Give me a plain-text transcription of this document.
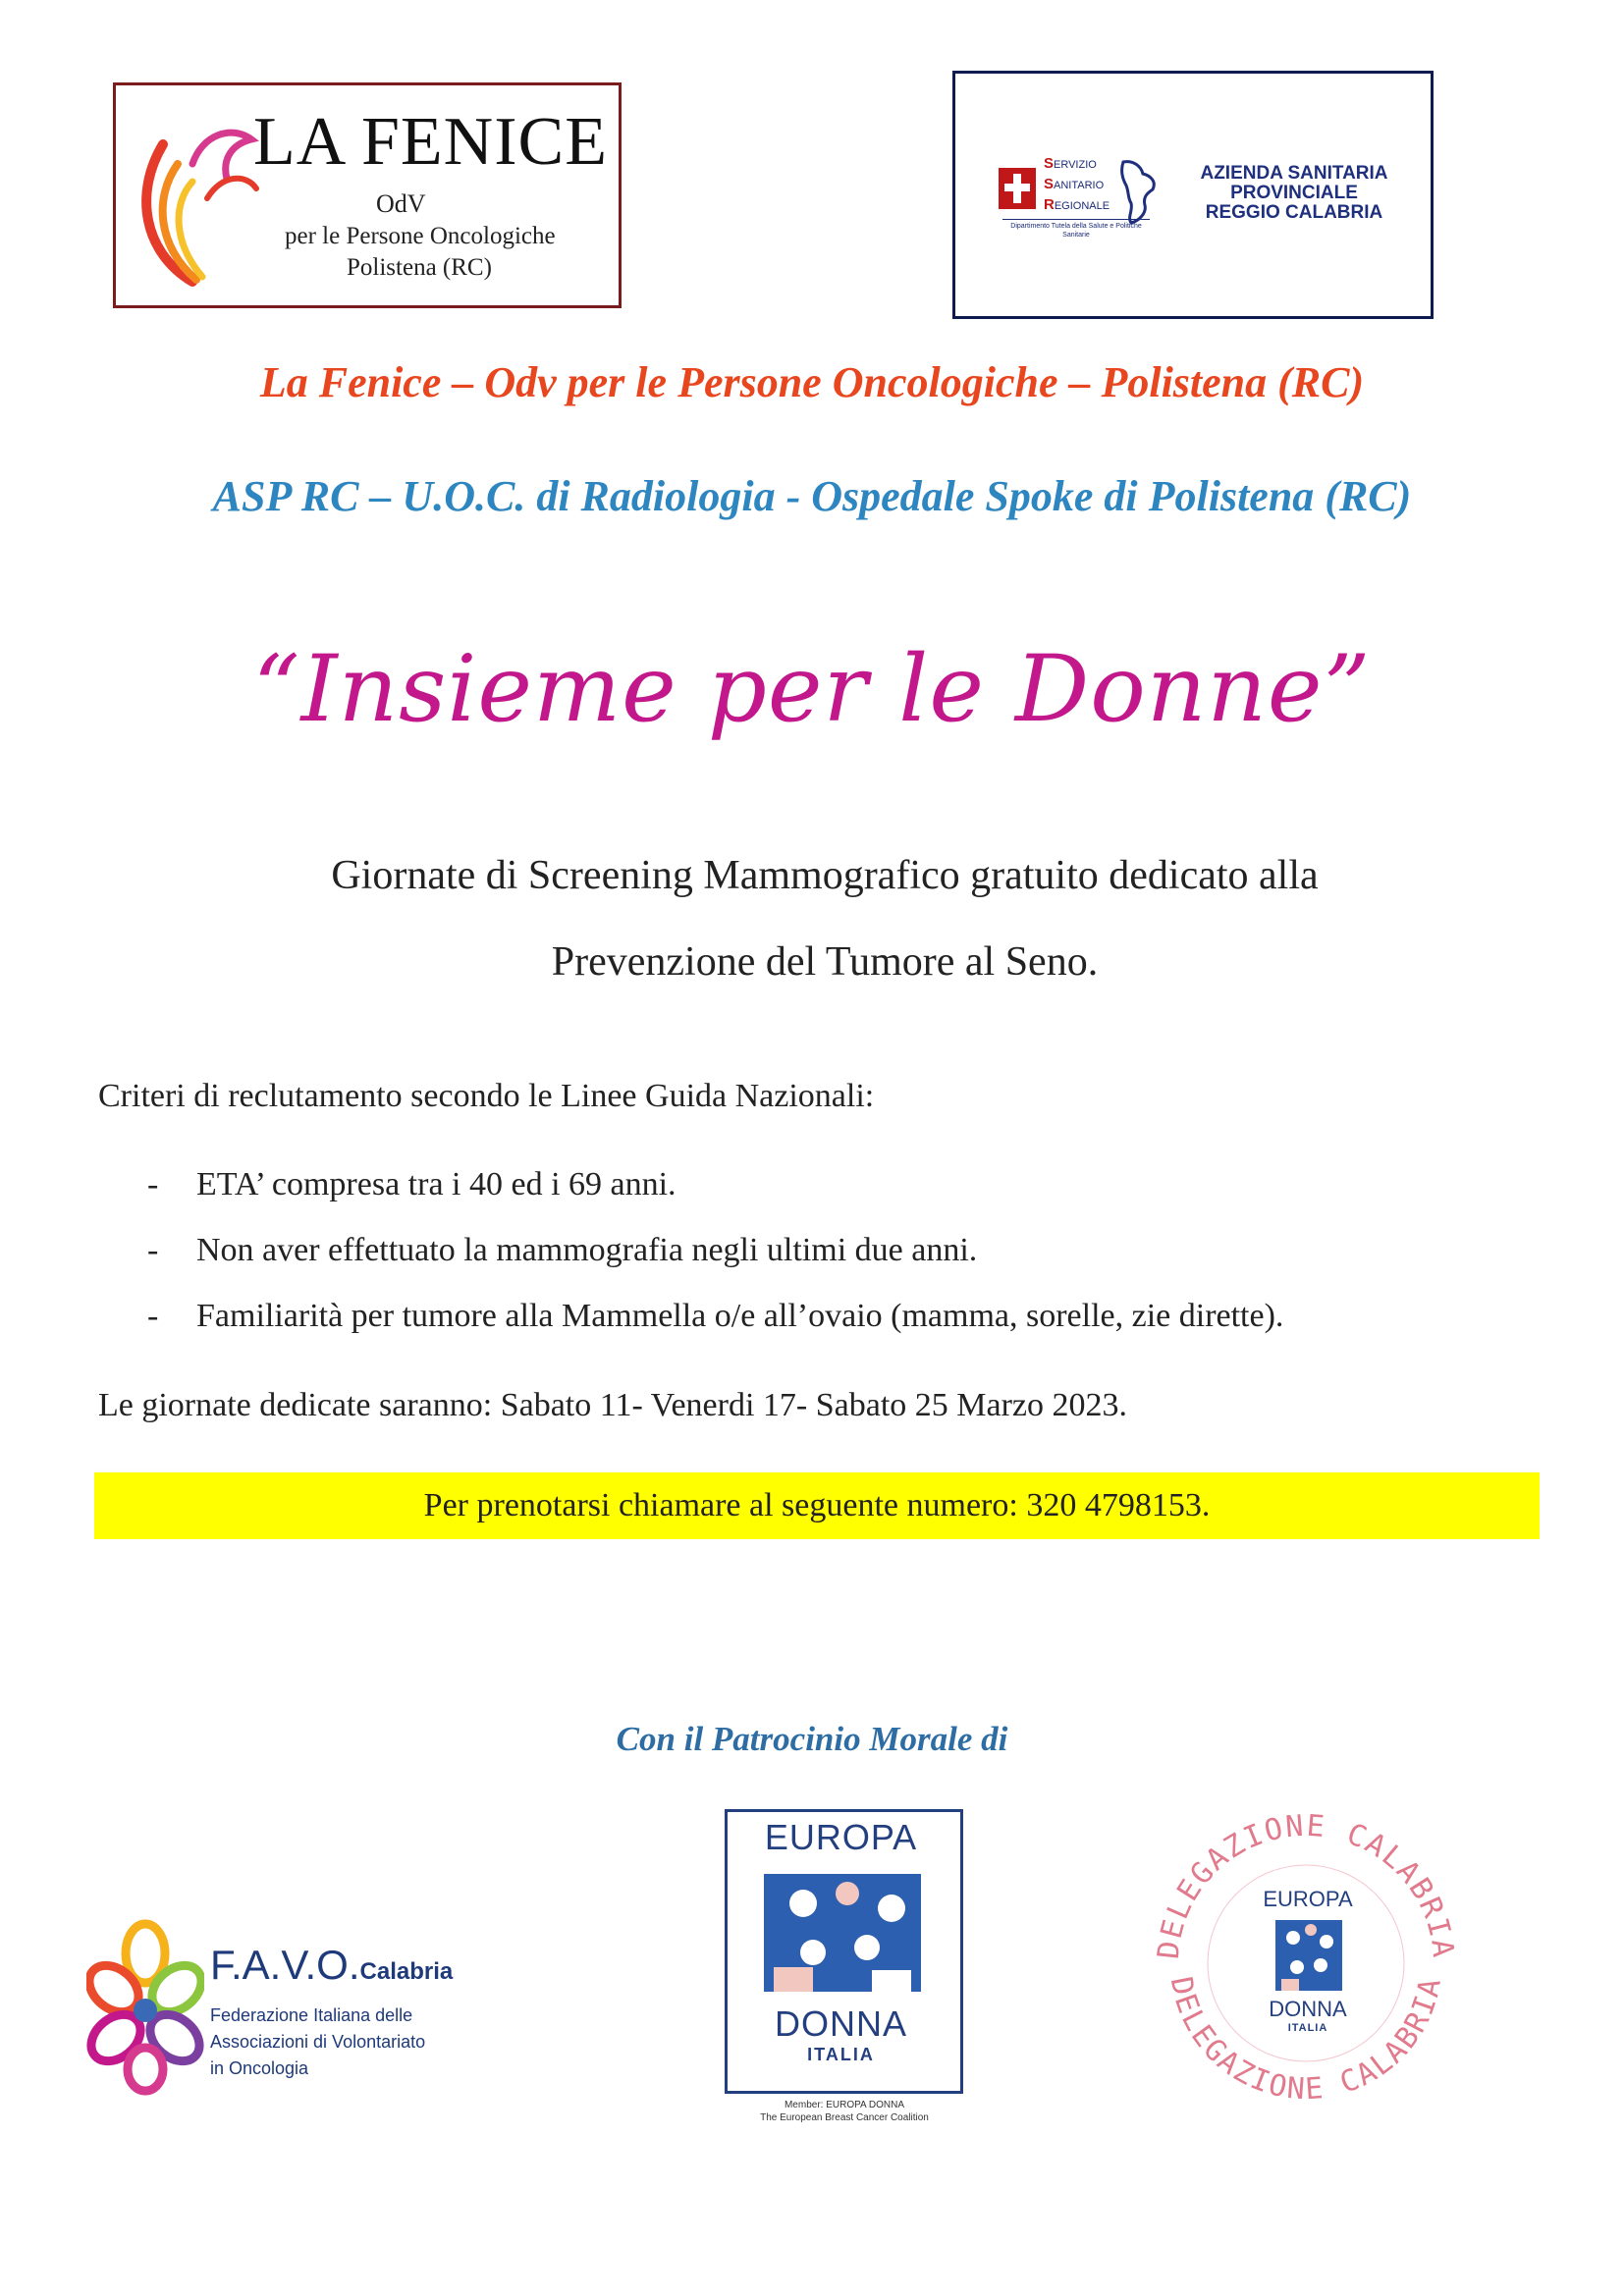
LA FENICE
OdV
per le Persone Oncologiche
Polistena (RC)
SERVIZIO
SANITARIO
REGIONALE
Dipartimento Tutela della Salute e Politiche Sanitarie
AZIENDA SANITARIA
PROVINCIALE
REGGIO CALABRIA
La Fenice – Odv per le Persone Oncologiche – Polistena (RC)
ASP RC – U.O.C. di Radiologia - Ospedale Spoke di Polistena (RC)
“Insieme per le Donne”
Giornate di Screening Mammografico gratuito dedicato alla
Prevenzione del Tumore al Seno.
Criteri di reclutamento secondo le Linee Guida Nazionali:
- ETA’ compresa tra i 40 ed i 69 anni.
- Non aver effettuato la mammografia negli ultimi due anni.
- Familiarità per tumore alla Mammella o/e all’ovaio (mamma, sorelle, zie dirette).
Le giornate dedicate saranno: Sabato 11- Venerdi 17- Sabato 25 Marzo 2023.
Per prenotarsi chiamare al seguente numero: 320 4798153.
Con il Patrocinio Morale di
F.A.V.O.Calabria
Federazione Italiana delle
Associazioni di Volontariato
in Oncologia
EUROPA
DONNA
ITALIA
Member: EUROPA DONNA
The European Breast Cancer Coalition
DELEGAZIONE CALABRIA
DELEGAZIONE CALABRIA
EUROPA
DONNA
ITALIA
